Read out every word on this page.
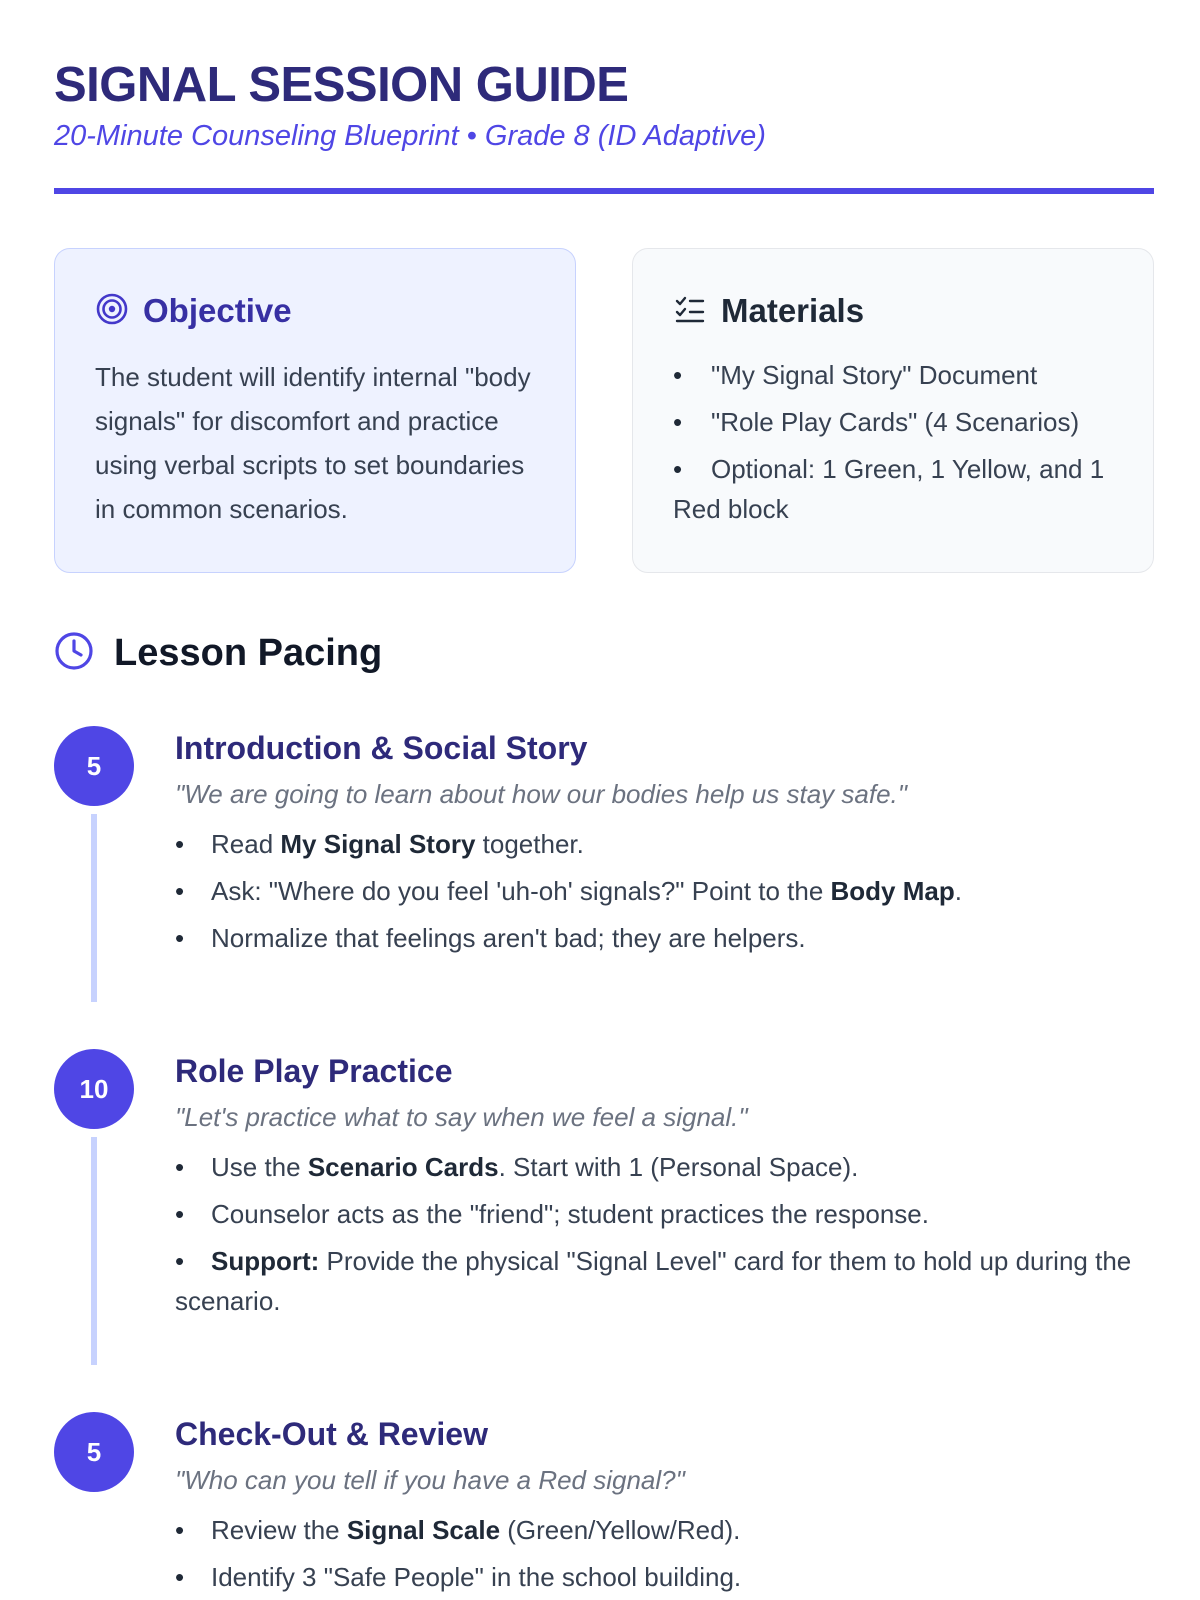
SIGNAL SESSION GUIDE
20-Minute Counseling Blueprint • Grade 8 (ID Adaptive)
Objective

The student will identify internal "body signals" for discomfort and practice using verbal scripts to set boundaries in common scenarios.

Materials
• "My Signal Story" Document
• "Role Play Cards" (4 Scenarios)
• Optional: 1 Green, 1 Yellow, and 1 Red block
Lesson Pacing
5	Introduction & Social Story
"We are going to learn about how our bodies help us stay safe."
• Read My Signal Story together.
• Ask: "Where do you feel 'uh-oh' signals?" Point to the Body Map.
• Normalize that feelings aren't bad; they are helpers.
10	Role Play Practice
"Let's practice what to say when we feel a signal."
• Use the Scenario Cards. Start with 1 (Personal Space).
• Counselor acts as the "friend"; student practices the response.
• Support: Provide the physical "Signal Level" card for them to hold up during the scenario.
5	Check-Out & Review
"Who can you tell if you have a Red signal?"
• Review the Signal Scale (Green/Yellow/Red).
• Identify 3 "Safe People" in the school building.
